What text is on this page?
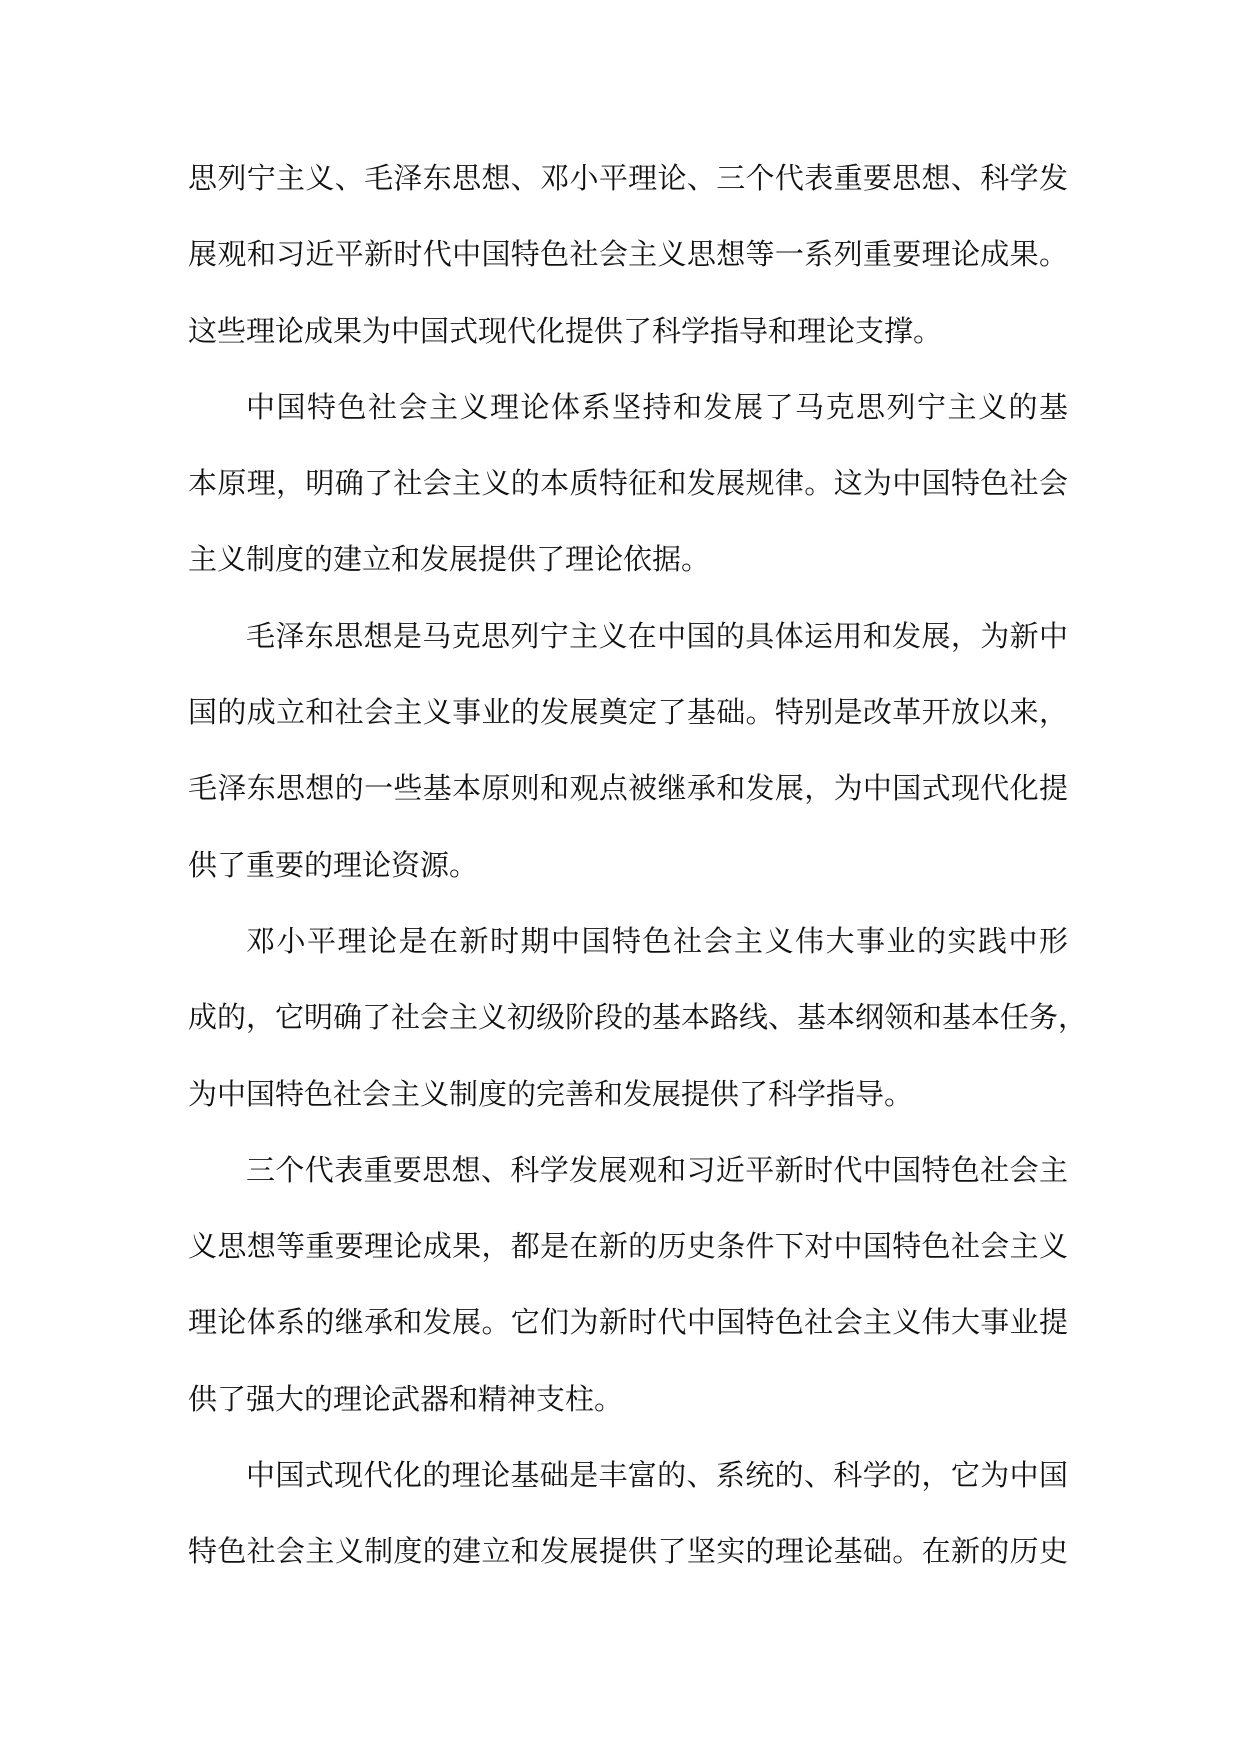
思列宁主义、毛泽东思想、邓小平理论、三个代表重要思想、科学发
展观和习近平新时代中国特色社会主义思想等一系列重要理论成果。
这些理论成果为中国式现代化提供了科学指导和理论支撑。
中国特色社会主义理论体系坚持和发展了马克思列宁主义的基
本原理，明确了社会主义的本质特征和发展规律。这为中国特色社会
主义制度的建立和发展提供了理论依据。
毛泽东思想是马克思列宁主义在中国的具体运用和发展，为新中
国的成立和社会主义事业的发展奠定了基础。特别是改革开放以来，
毛泽东思想的一些基本原则和观点被继承和发展，为中国式现代化提
供了重要的理论资源。
邓小平理论是在新时期中国特色社会主义伟大事业的实践中形
成的，它明确了社会主义初级阶段的基本路线、基本纲领和基本任务，
为中国特色社会主义制度的完善和发展提供了科学指导。
三个代表重要思想、科学发展观和习近平新时代中国特色社会主
义思想等重要理论成果，都是在新的历史条件下对中国特色社会主义
理论体系的继承和发展。它们为新时代中国特色社会主义伟大事业提
供了强大的理论武器和精神支柱。
中国式现代化的理论基础是丰富的、系统的、科学的，它为中国
特色社会主义制度的建立和发展提供了坚实的理论基础。在新的历史
